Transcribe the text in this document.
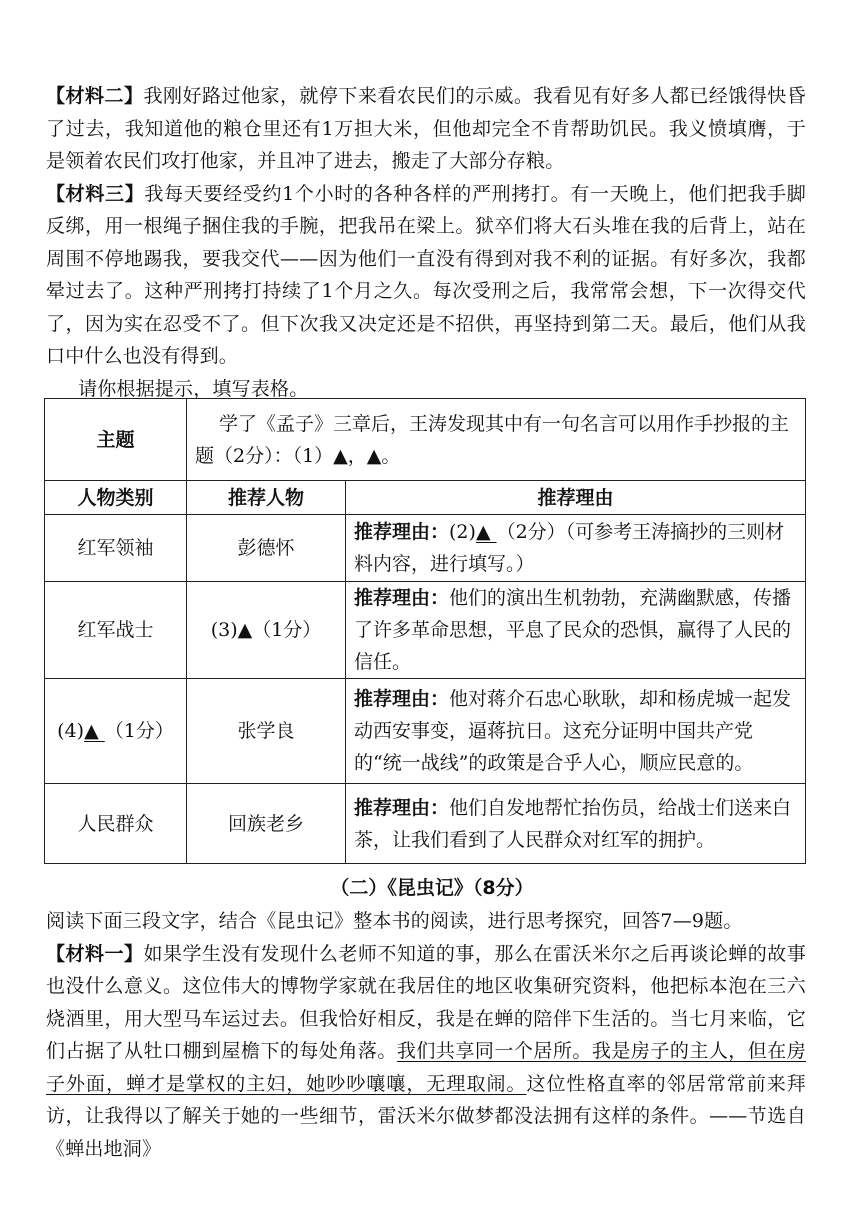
【材料二】我刚好路过他家，就停下来看农民们的示威。我看见有好多人都已经饿得快昏了过去，我知道他的粮仓里还有1万担大米，但他却完全不肯帮助饥民。我义愤填膺，于是领着农民们攻打他家，并且冲了进去，搬走了大部分存粮。

【材料三】我每天要经受约1个小时的各种各样的严刑拷打。有一天晚上，他们把我手脚反绑，用一根绳子捆住我的手腕，把我吊在梁上。狱卒们将大石头堆在我的后背上，站在周围不停地踢我，要我交代——因为他们一直没有得到对我不利的证据。有好多次，我都晕过去了。这种严刑拷打持续了1个月之久。每次受刑之后，我常常会想，下一次得交代了，因为实在忍受不了。但下次我又决定还是不招供，再坚持到第二天。最后，他们从我口中什么也没有得到。

请你根据提示，填写表格。

主题	学了《孟子》三章后，王涛发现其中有一句名言可以用作手抄报的主题（2分）：（1）▲，▲。	

人物类别	推荐人物	推荐理由
红军领袖	彭德怀	推荐理由：(2)▲ （2分）（可参考王涛摘抄的三则材料内容，进行填写。）
红军战士	(3)▲（1分）	推荐理由：他们的演出生机勃勃，充满幽默感，传播了许多革命思想，平息了民众的恐惧，赢得了人民的信任。
(4)▲ （1分）	张学良	推荐理由：他对蒋介石忠心耿耿，却和杨虎城一起发动西安事变，逼蒋抗日。这充分证明中国共产党的“统一战线”的政策是合乎人心，顺应民意的。
人民群众	回族老乡	推荐理由：他们自发地帮忙抬伤员，给战士们送来白茶，让我们看到了人民群众对红军的拥护。
（二）《昆虫记》（8分）

阅读下面三段文字，结合《昆虫记》整本书的阅读，进行思考探究，回答7—9题。

【材料一】如果学生没有发现什么老师不知道的事，那么在雷沃米尔之后再谈论蝉的故事也没什么意义。这位伟大的博物学家就在我居住的地区收集研究资料，他把标本泡在三六烧酒里，用大型马车运过去。但我恰好相反，我是在蝉的陪伴下生活的。当七月来临，它们占据了从牡口棚到屋檐下的每处角落。我们共享同一个居所。我是房子的主人，但在房子外面，蝉才是掌权的主妇，她吵吵嚷嚷，无理取闹。这位性格直率的邻居常常前来拜访，让我得以了解关于她的一些细节，雷沃米尔做梦都没法拥有这样的条件。——节选自《蝉出地洞》
